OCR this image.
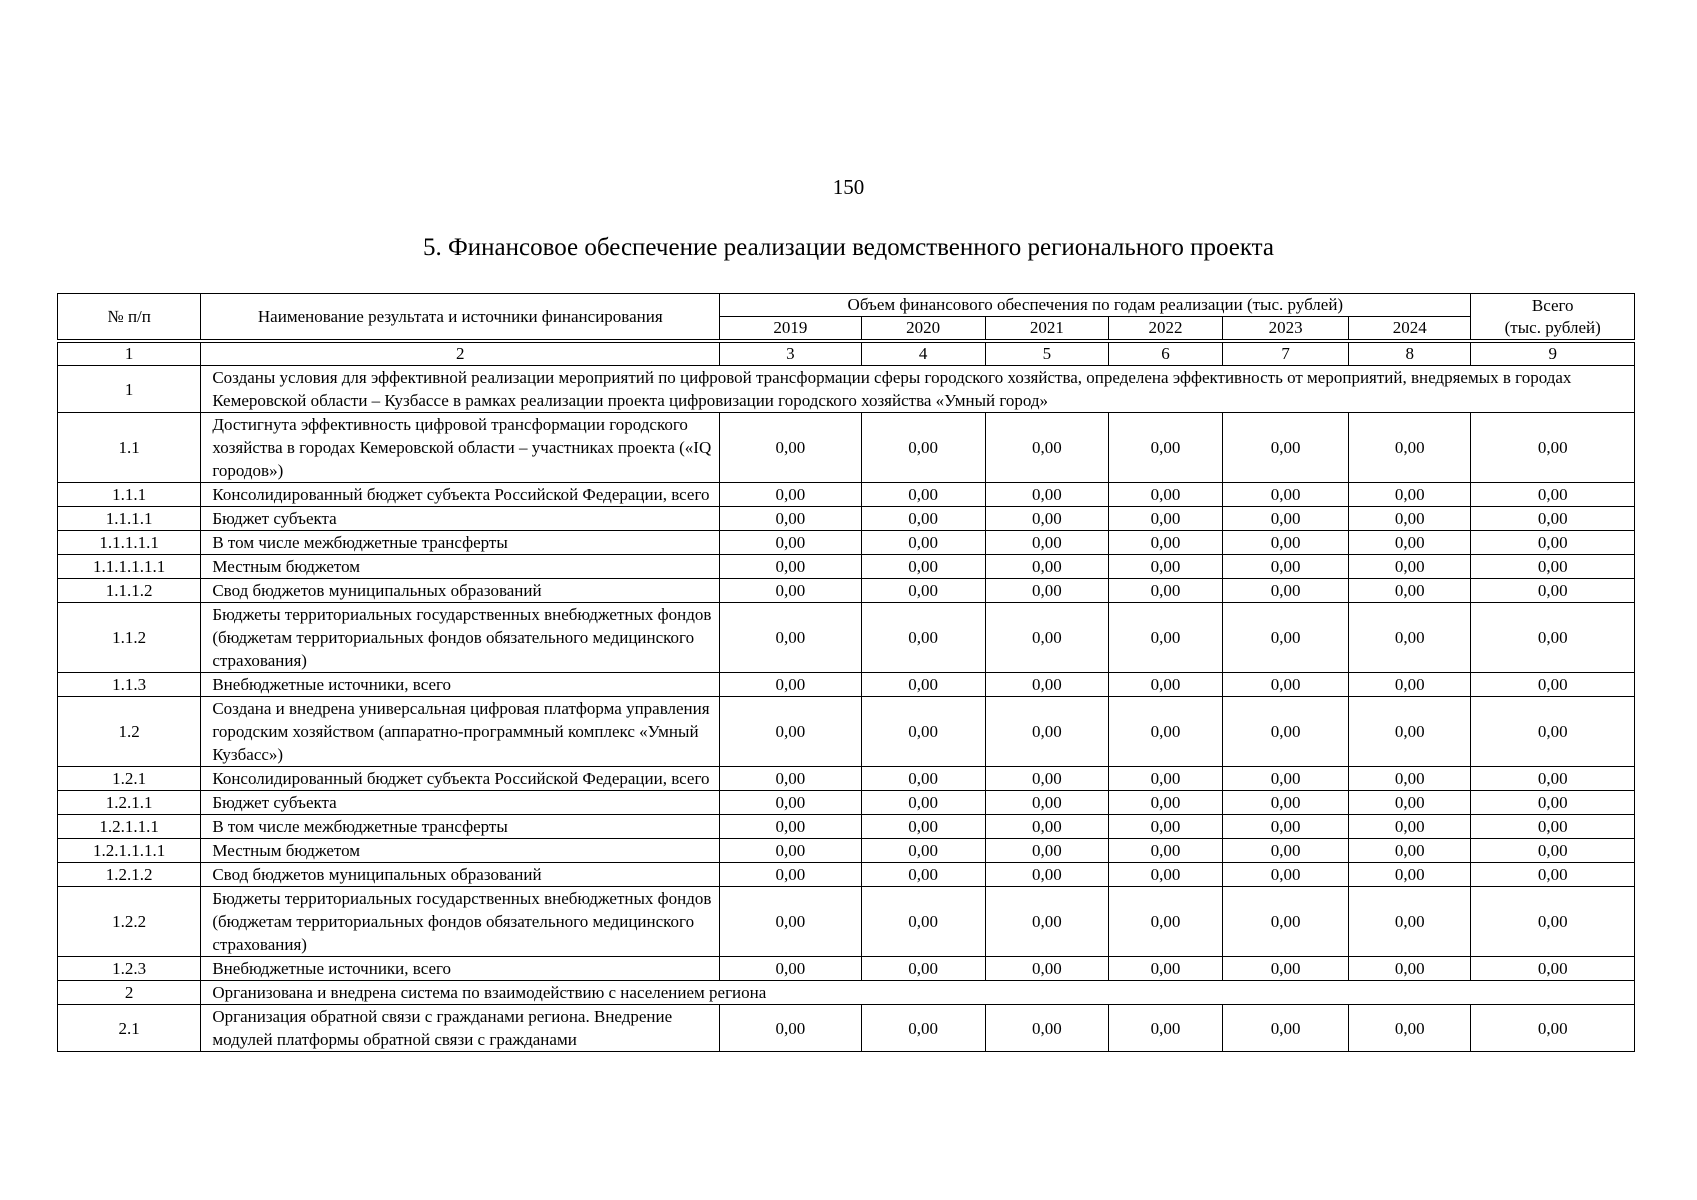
150
5. Финансовое обеспечение реализации ведомственного регионального проекта
№ п/п	Наименование результата и источники финансирования	Объем финансового обеспечения по годам реализации (тыс. рублей)						Всего
(тыс. рублей)
		2019	2020	2021	2022	2023	2024	

1	2	3	4	5	6	7	8	9
1	Созданы условия для эффективной реализации мероприятий по цифровой трансформации сферы городского хозяйства, определена эффективность от мероприятий, внедряемых в городах Кемеровской области – Кузбассе в рамках реализации проекта цифровизации городского хозяйства «Умный город»							
1.1	Достигнута эффективность цифровой трансформации городского хозяйства в городах Кемеровской области – участниках проекта («IQ городов»)	0,00	0,00	0,00	0,00	0,00	0,00	0,00
1.1.1	Консолидированный бюджет субъекта Российской Федерации, всего	0,00	0,00	0,00	0,00	0,00	0,00	0,00
1.1.1.1	Бюджет субъекта	0,00	0,00	0,00	0,00	0,00	0,00	0,00
1.1.1.1.1	В том числе межбюджетные трансферты	0,00	0,00	0,00	0,00	0,00	0,00	0,00
1.1.1.1.1.1	Местным бюджетом	0,00	0,00	0,00	0,00	0,00	0,00	0,00
1.1.1.2	Свод бюджетов муниципальных образований	0,00	0,00	0,00	0,00	0,00	0,00	0,00
1.1.2	Бюджеты территориальных государственных внебюджетных фондов (бюджетам территориальных фондов обязательного медицинского страхования)	0,00	0,00	0,00	0,00	0,00	0,00	0,00
1.1.3	Внебюджетные источники, всего	0,00	0,00	0,00	0,00	0,00	0,00	0,00
1.2	Создана и внедрена универсальная цифровая платформа управления городским хозяйством (аппаратно-программный комплекс «Умный Кузбасс»)	0,00	0,00	0,00	0,00	0,00	0,00	0,00
1.2.1	Консолидированный бюджет субъекта Российской Федерации, всего	0,00	0,00	0,00	0,00	0,00	0,00	0,00
1.2.1.1	Бюджет субъекта	0,00	0,00	0,00	0,00	0,00	0,00	0,00
1.2.1.1.1	В том числе межбюджетные трансферты	0,00	0,00	0,00	0,00	0,00	0,00	0,00
1.2.1.1.1.1	Местным бюджетом	0,00	0,00	0,00	0,00	0,00	0,00	0,00
1.2.1.2	Свод бюджетов муниципальных образований	0,00	0,00	0,00	0,00	0,00	0,00	0,00
1.2.2	Бюджеты территориальных государственных внебюджетных фондов (бюджетам территориальных фондов обязательного медицинского страхования)	0,00	0,00	0,00	0,00	0,00	0,00	0,00
1.2.3	Внебюджетные источники, всего	0,00	0,00	0,00	0,00	0,00	0,00	0,00
2	Организована и внедрена система по взаимодействию с населением региона							
2.1	Организация обратной связи с гражданами региона. Внедрение модулей платформы обратной связи с гражданами	0,00	0,00	0,00	0,00	0,00	0,00	0,00
